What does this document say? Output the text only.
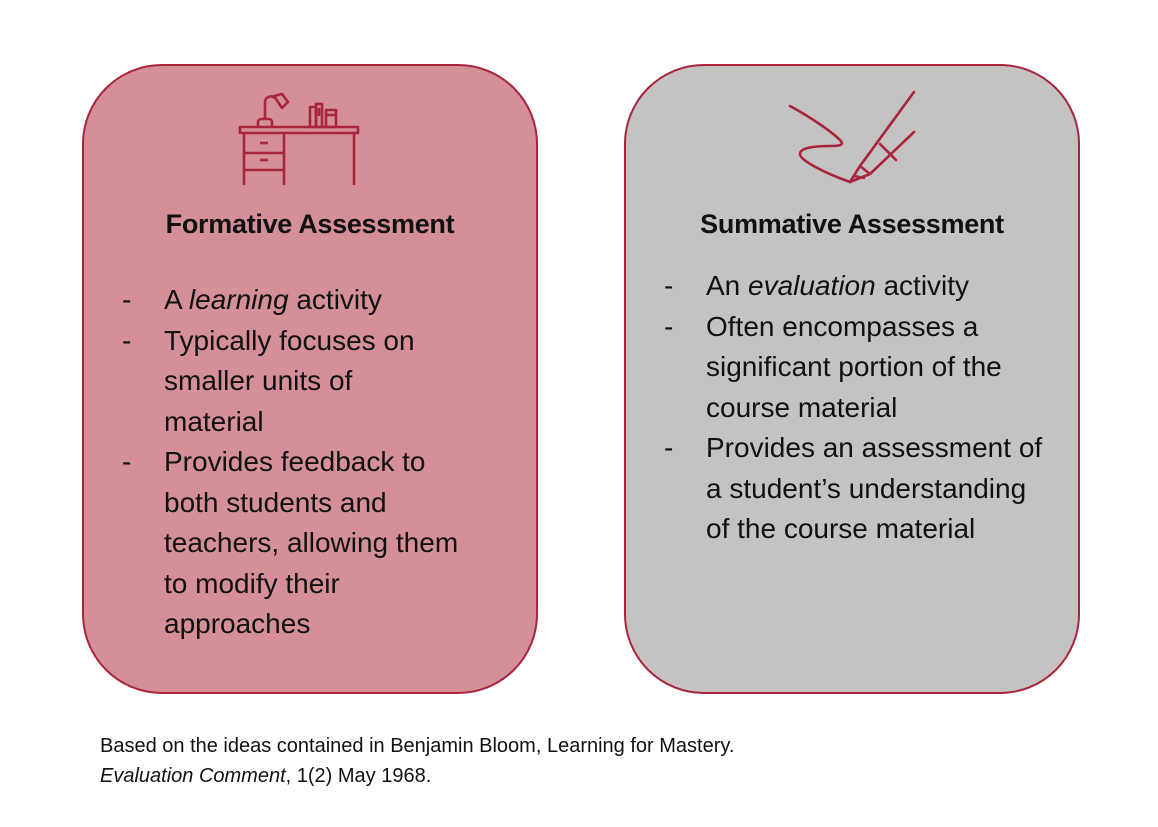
Formative Assessment
- A learning activity
- Typically focuses on smaller units of material
- Provides feedback to both students and teachers, allowing them to modify their approaches
Summative Assessment
- An evaluation activity
- Often encompasses a significant portion of the course material
- Provides an assessment of a student’s understanding of the course material
Based on the ideas contained in Benjamin Bloom, Learning for Mastery.
Evaluation Comment, 1(2) May 1968.
